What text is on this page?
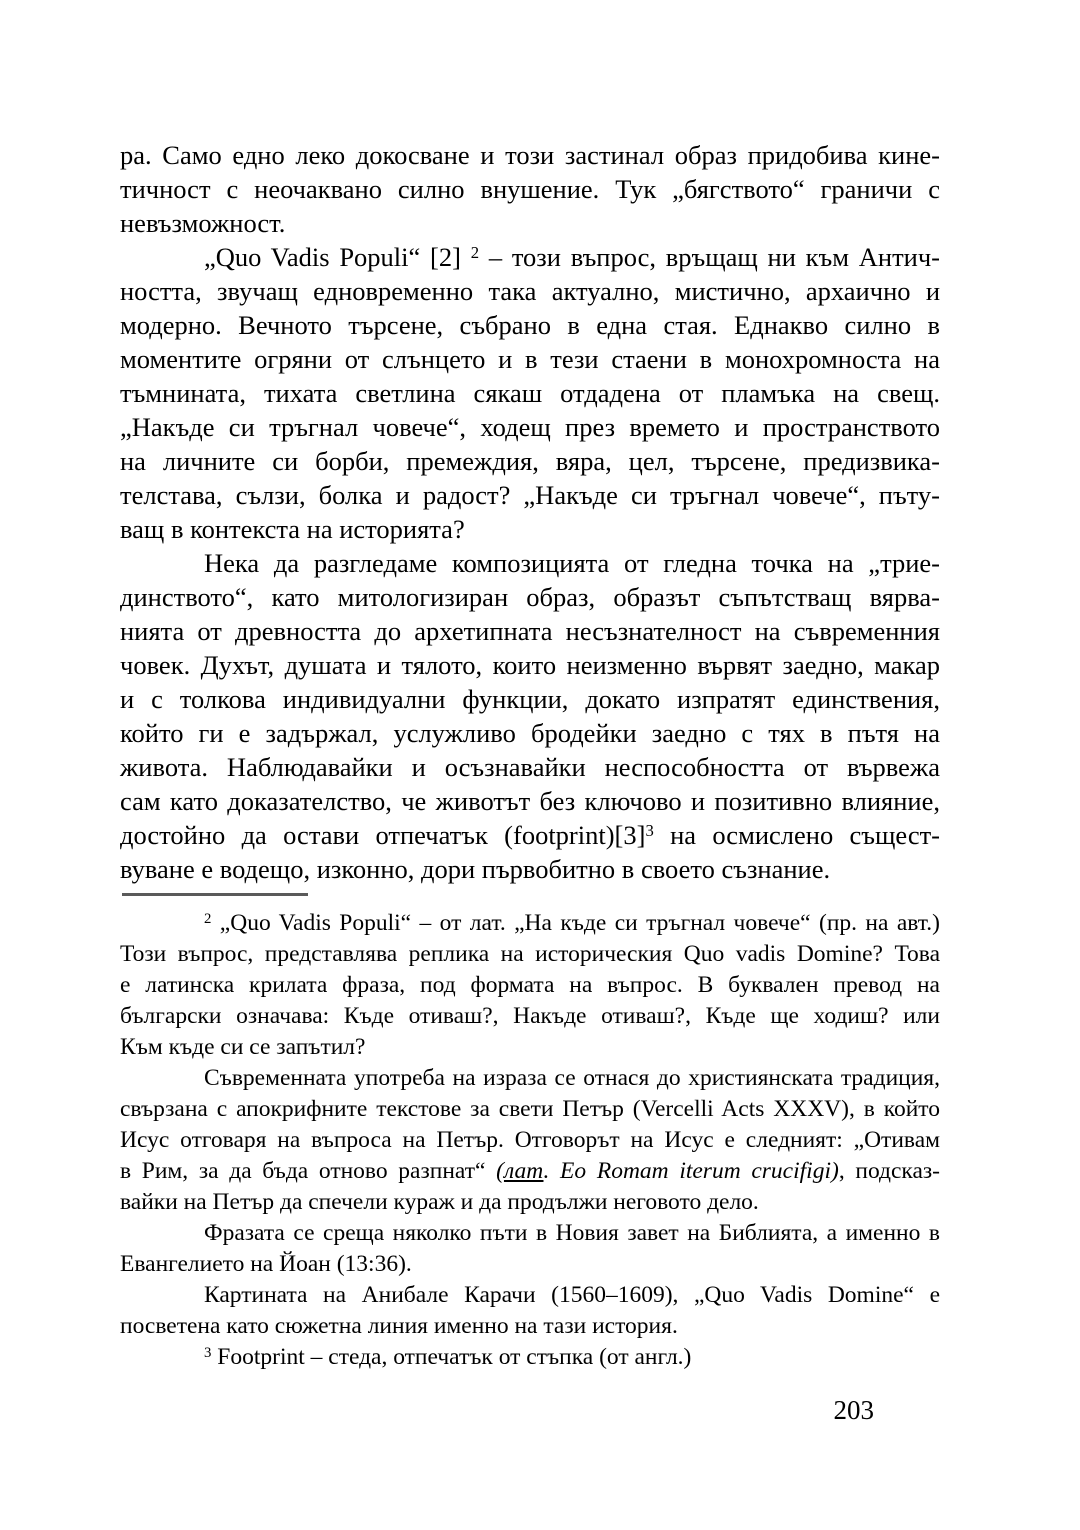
ра. Само едно леко докосване и този застинал образ придобива кине-
тичност с неочаквано силно внушение. Тук „бягството“ граничи с
невъзможност.
„Quo Vadis Populi“ [2] $^2$ – този въпрос, връщащ ни към Антич-
ността, звучащ едновременно така актуално, мистично, архаично и
модерно. Вечното търсене, събрано в една стая. Еднакво силно в
моментите огряни от слънцето и в тези стаени в монохромноста на
тъмнината, тихата светлина сякаш отдадена от пламъка на свещ.
„Накъде си тръгнал човече“, ходещ през времето и пространството
на личните си борби, премеждия, вяра, цел, търсене, предизвика-
телстава, сълзи, болка и радост? „Накъде си тръгнал човече“, пъту-
ващ в контекста на историята?
Нека да разгледаме композицията от гледна точка на „трие-
динството“, като митологизиран образ, образът съпътстващ вярва-
нията от древността до архетипната несъзнателност на съвременния
човек. Духът, душата и тялото, които неизменно вървят заедно, макар
и с толкова индивидуални функции, докато изпратят единствения,
който ги е задържал, услужливо бродейки заедно с тях в пътя на
живота. Наблюдавайки и осъзнавайки неспособността от вървежа
сам като доказателство, че животът без ключово и позитивно влияние,
достойно да остави отпечатък $(footprint)[3]^3$ на осмислено същест-
вуване е водещо, изконно, дори първобитно в своето съзнание.
$^2$ „Quo Vadis Populi“ – от лат. „На къде си тръгнал човече“ (пр. на авт.)
Този въпрос, представлява реплика на историческия Quo vadis Domine? Това
е латинска крилата фраза, под формата на въпрос. В буквален превод на
български означава: Къде отиваш?, Накъде отиваш?, Къде ще ходиш? или
Към къде си се запътил?
Съвременната употреба на израза се отнася до християнската традиция,
свързана с апокрифните текстове за свети Петър (Vercelli Acts XXXV), в който
Исус отговаря на въпроса на Петър. Отговорът на Исус е следният: „Отивам
в Рим, за да бъда отново разпнат“ (лат. Eo Romam iterum crucifigi), подсказ-
вайки на Петър да спечели кураж и да продължи неговото дело.
Фразата се среща няколко пъти в Новия завет на Библията, а именно в
Евангелието на Йоан (13:36).
Картината на Анибале Карачи (1560–1609), „Quo Vadis Domine“ е
посветена като сюжетна линия именно на тази история.
$^3$ Footprint – стеда, отпечатък от стъпка (от англ.)
203
